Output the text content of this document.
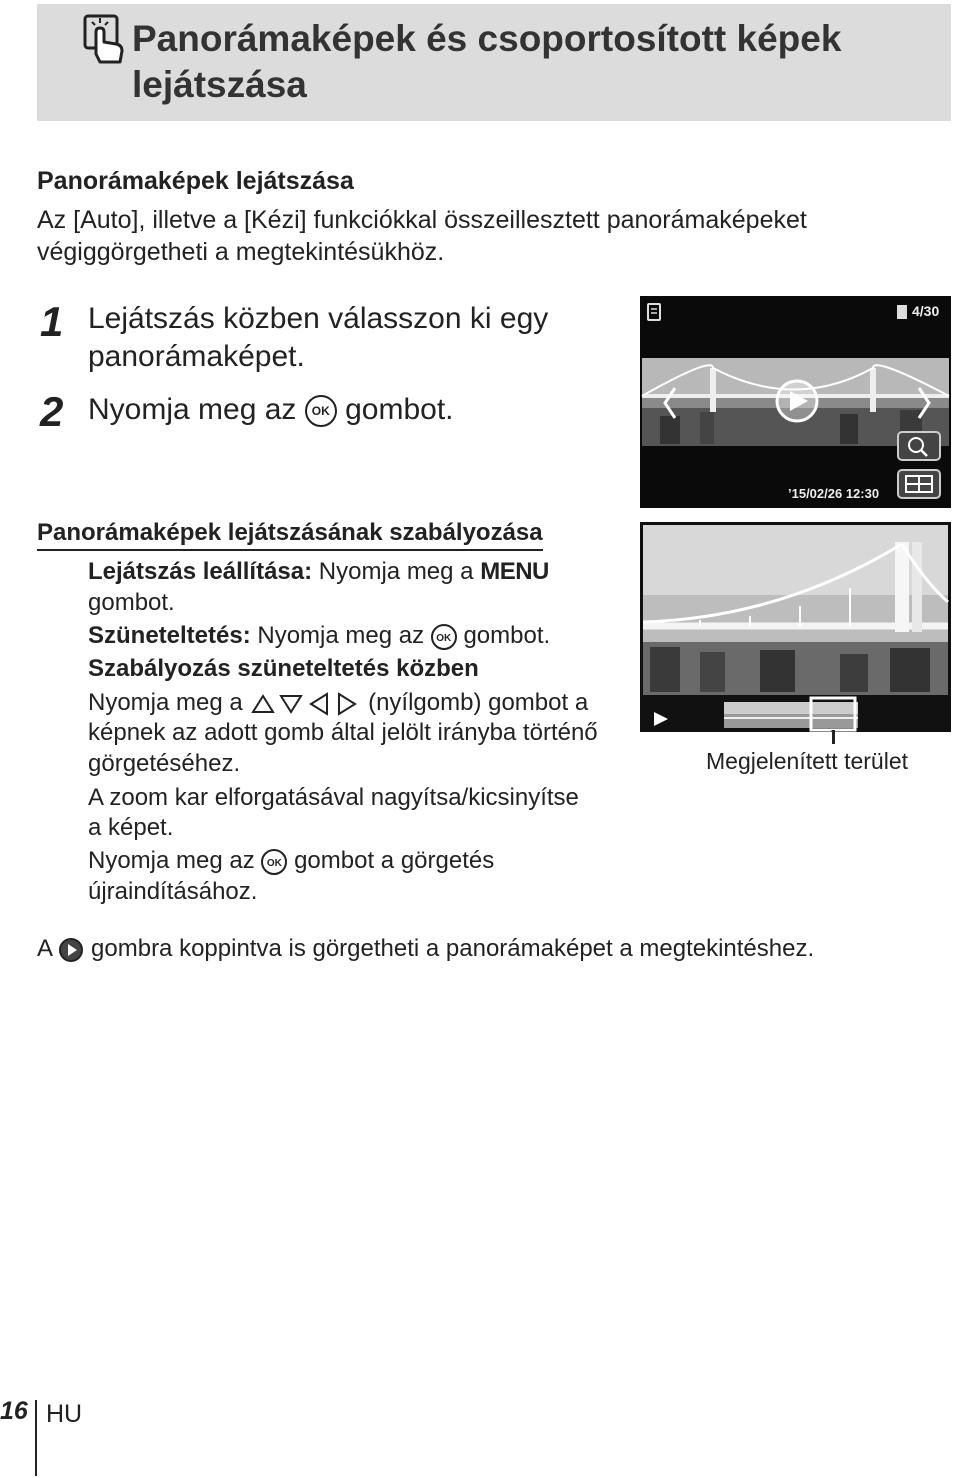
Panorámaképek és csoportosított képek lejátszása
Panorámaképek lejátszása
Az [Auto], illetve a [Kézi] funkciókkal összeillesztett panorámaképeket
végiggörgetheti a megtekintésükhöz.
1 Lejátszás közben válasszon ki egy
panorámaképet.
2 Nyomja meg az OK gombot.
4/30
’15/02/26 12:30
Panorámaképek lejátszásának szabályozása
Lejátszás leállítása: Nyomja meg a MENU
gombot.
Szüneteltetés: Nyomja meg az OK gombot.
Szabályozás szüneteltetés közben
Nyomja meg a	(nyílgomb) gombot a
képnek az adott gomb által jelölt irányba történő
görgetéséhez.
A zoom kar elforgatásával nagyítsa/kicsinyítse
a képet.
Nyomja meg az OK gombot a görgetés
újraindításához.
Megjelenített terület
A gombra koppintva is görgetheti a panorámaképet a megtekintéshez.
16 HU
